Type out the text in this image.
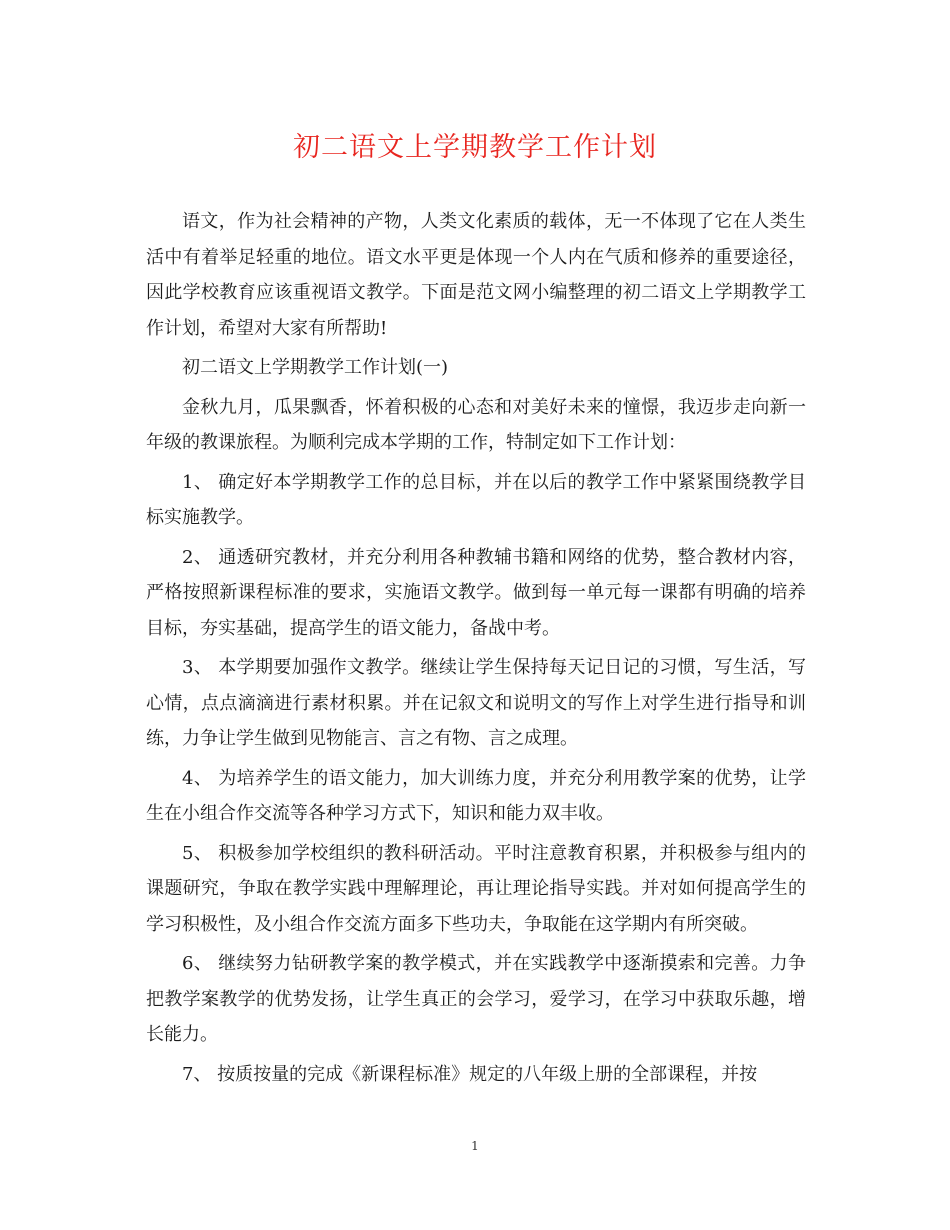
初二语文上学期教学工作计划

语文，作为社会精神的产物，人类文化素质的载体，无一不体现了它在人类生活中有着举足轻重的地位。语文水平更是体现一个人内在气质和修养的重要途径，因此学校教育应该重视语文教学。下面是范文网小编整理的初二语文上学期教学工作计划，希望对大家有所帮助!

初二语文上学期教学工作计划(一)

金秋九月，瓜果飘香，怀着积极的心态和对美好未来的憧憬，我迈步走向新一年级的教课旅程。为顺利完成本学期的工作，特制定如下工作计划：

1、 确定好本学期教学工作的总目标，并在以后的教学工作中紧紧围绕教学目标实施教学。

2、 通透研究教材，并充分利用各种教辅书籍和网络的优势，整合教材内容，严格按照新课程标准的要求，实施语文教学。做到每一单元每一课都有明确的培养目标，夯实基础，提高学生的语文能力，备战中考。

3、 本学期要加强作文教学。继续让学生保持每天记日记的习惯，写生活，写心情，点点滴滴进行素材积累。并在记叙文和说明文的写作上对学生进行指导和训练，力争让学生做到见物能言、言之有物、言之成理。

4、 为培养学生的语文能力，加大训练力度，并充分利用教学案的优势，让学生在小组合作交流等各种学习方式下，知识和能力双丰收。

5、 积极参加学校组织的教科研活动。平时注意教育积累，并积极参与组内的课题研究，争取在教学实践中理解理论，再让理论指导实践。并对如何提高学生的学习积极性，及小组合作交流方面多下些功夫，争取能在这学期内有所突破。

6、 继续努力钻研教学案的教学模式，并在实践教学中逐渐摸索和完善。力争把教学案教学的优势发扬，让学生真正的会学习，爱学习，在学习中获取乐趣，增长能力。

7、 按质按量的完成《新课程标准》规定的八年级上册的全部课程，并按

1
